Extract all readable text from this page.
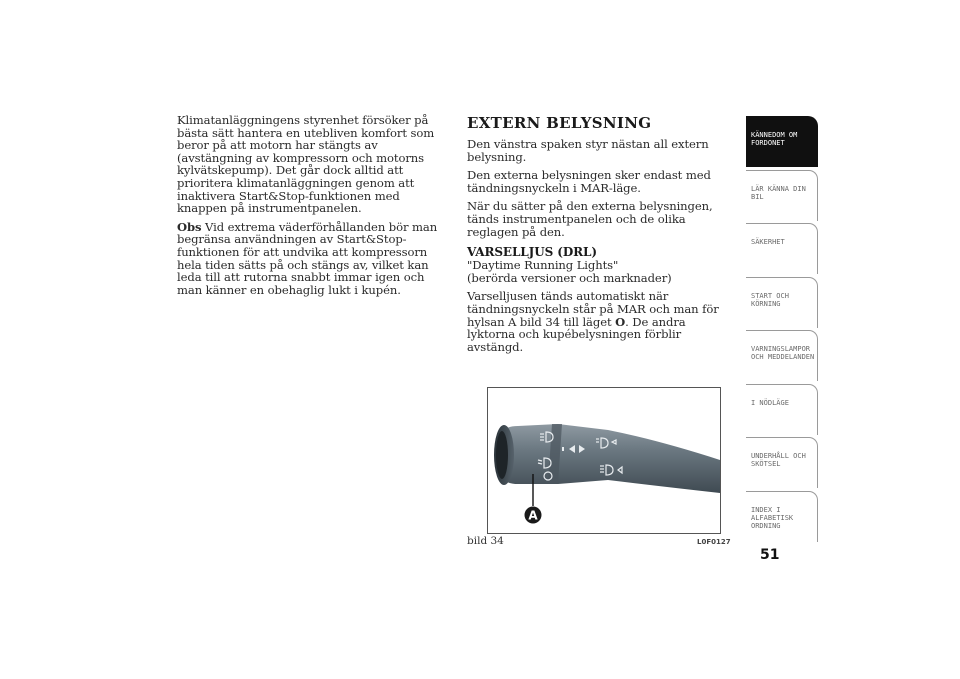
Klimatanläggningens styrenhet försöker på bästa sätt hantera en utebliven komfort som beror på att motorn har stängts av (avstängning av kompressorn och motorns kylvätskepump). Det går dock alltid att prioritera klimatanläggningen genom att inaktivera Start&Stop-funktionen med knappen på instrumentpanelen.

Obs Vid extrema väderförhållanden bör man begränsa användningen av Start&Stop-funktionen för att undvika att kompressorn hela tiden sätts på och stängs av, vilket kan leda till att rutorna snabbt immar igen och man känner en obehaglig lukt i kupén.

EXTERN BELYSNING

Den vänstra spaken styr nästan all extern belysning.

Den externa belysningen sker endast med tändningsnyckeln i MAR-läge.

När du sätter på den externa belysningen, tänds instrumentpanelen och de olika reglagen på den.

VARSELLJUS (DRL)
"Daytime Running Lights"
(berörda versioner och marknader)

Varselljusen tänds automatiskt när tändningsnyckeln står på MAR och man för hylsan A bild 34 till läget O. De andra lyktorna och kupébelysningen förblir avstängd.

A
bild 34	L0F0127
KÄNNEDOM OM FORDONET
LÄR KÄNNA DIN BIL
SÄKERHET
START OCH KÖRNING
VARNINGSLAMPOR OCH MEDDELANDEN
I NÖDLÄGE
UNDERHÅLL OCH SKÖTSEL
INDEX I ALFABETISK ORDNING
51
